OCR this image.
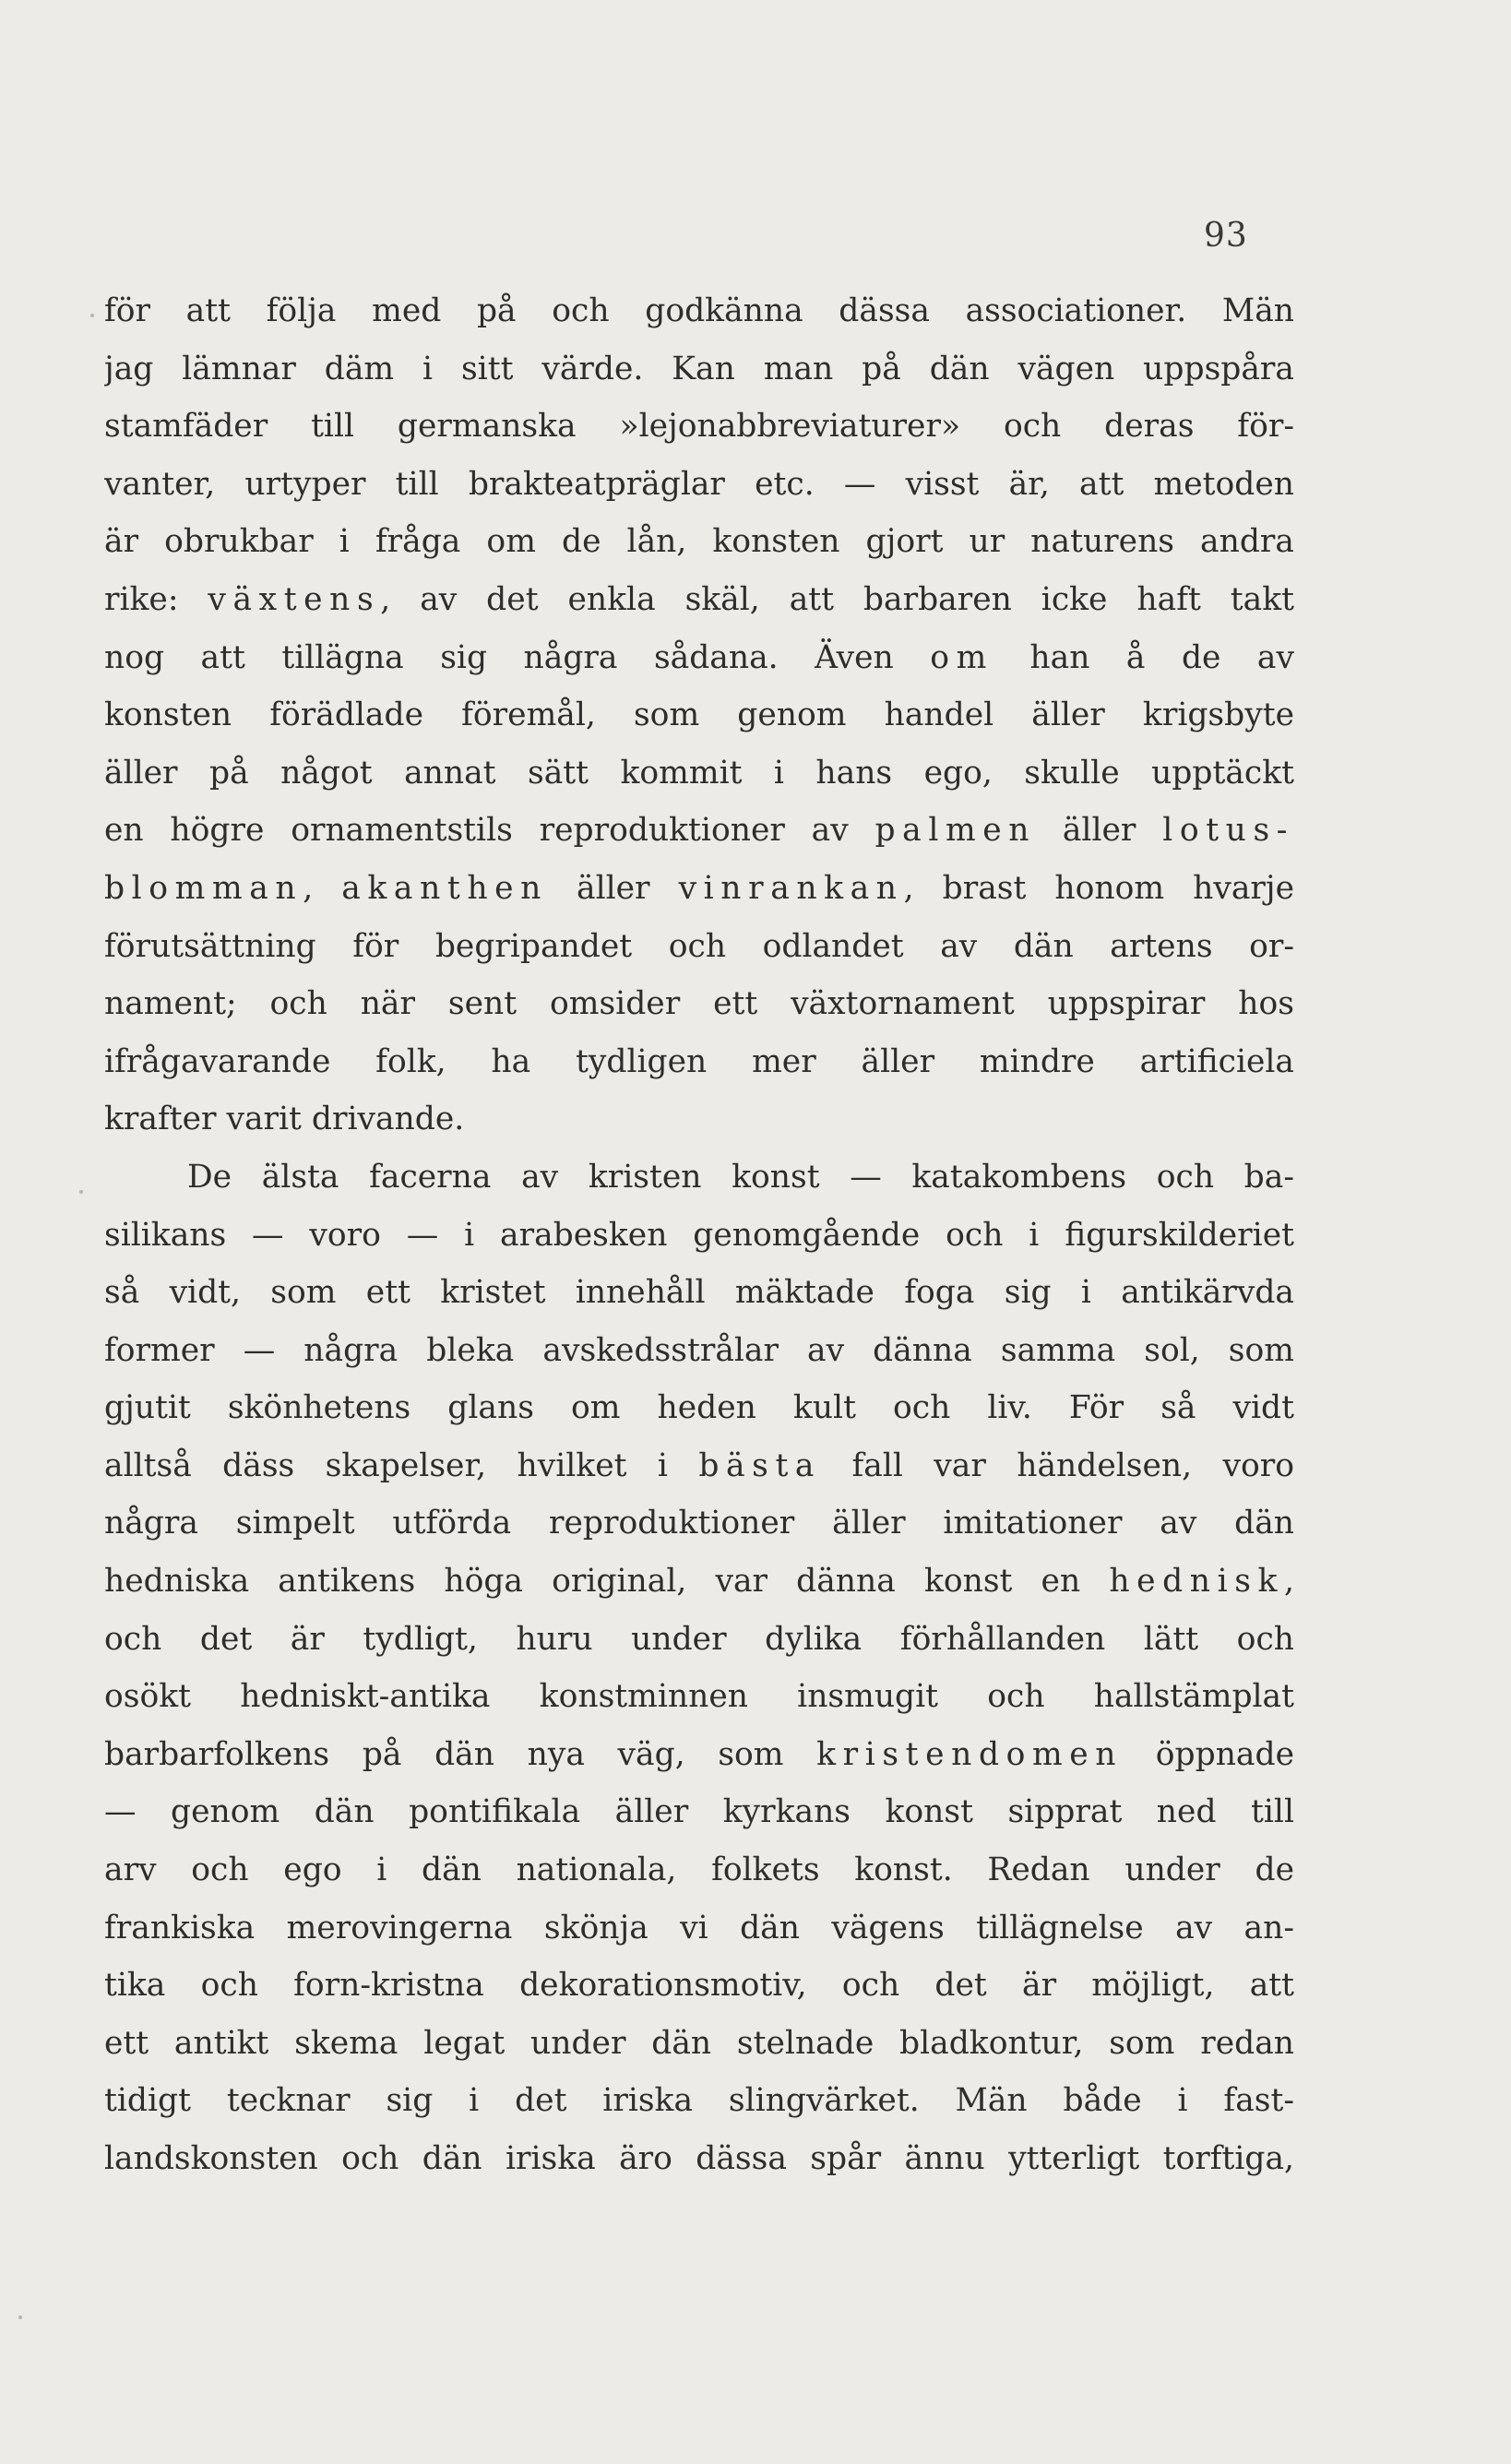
93
för att följa med på och godkänna dässa associationer. Män
jag lämnar däm i sitt värde. Kan man på dän vägen uppspåra
stamfäder till germanska »lejonabbreviaturer» och deras för-
vanter, urtyper till brakteatpräglar etc. — visst är, att metoden
är obrukbar i fråga om de lån, konsten gjort ur naturens andra
rike: växtens, av det enkla skäl, att barbaren icke haft takt
nog att tillägna sig några sådana. Även om han å de av
konsten förädlade föremål, som genom handel äller krigsbyte
äller på något annat sätt kommit i hans ego, skulle upptäckt
en högre ornamentstils reproduktioner av palmen äller lotus-
blomman, akanthen äller vinrankan, brast honom hvarje
förutsättning för begripandet och odlandet av dän artens or-
nament; och när sent omsider ett växtornament uppspirar hos
ifrågavarande folk, ha tydligen mer äller mindre artificiela
krafter varit drivande.
De älsta facerna av kristen konst — katakombens och ba-
silikans — voro — i arabesken genomgående och i figurskilderiet
så vidt, som ett kristet innehåll mäktade foga sig i antikärvda
former — några bleka avskedsstrålar av dänna samma sol, som
gjutit skönhetens glans om heden kult och liv. För så vidt
alltså däss skapelser, hvilket i bästa fall var händelsen, voro
några simpelt utförda reproduktioner äller imitationer av dän
hedniska antikens höga original, var dänna konst en hednisk,
och det är tydligt, huru under dylika förhållanden lätt och
osökt hedniskt-antika konstminnen insmugit och hallstämplat
barbarfolkens på dän nya väg, som kristendomen öppnade
— genom dän pontifikala äller kyrkans konst sipprat ned till
arv och ego i dän nationala, folkets konst. Redan under de
frankiska merovingerna skönja vi dän vägens tillägnelse av an-
tika och forn-kristna dekorationsmotiv, och det är möjligt, att
ett antikt skema legat under dän stelnade bladkontur, som redan
tidigt tecknar sig i det iriska slingvärket. Män både i fast-
landskonsten och dän iriska äro dässa spår ännu ytterligt torftiga,
